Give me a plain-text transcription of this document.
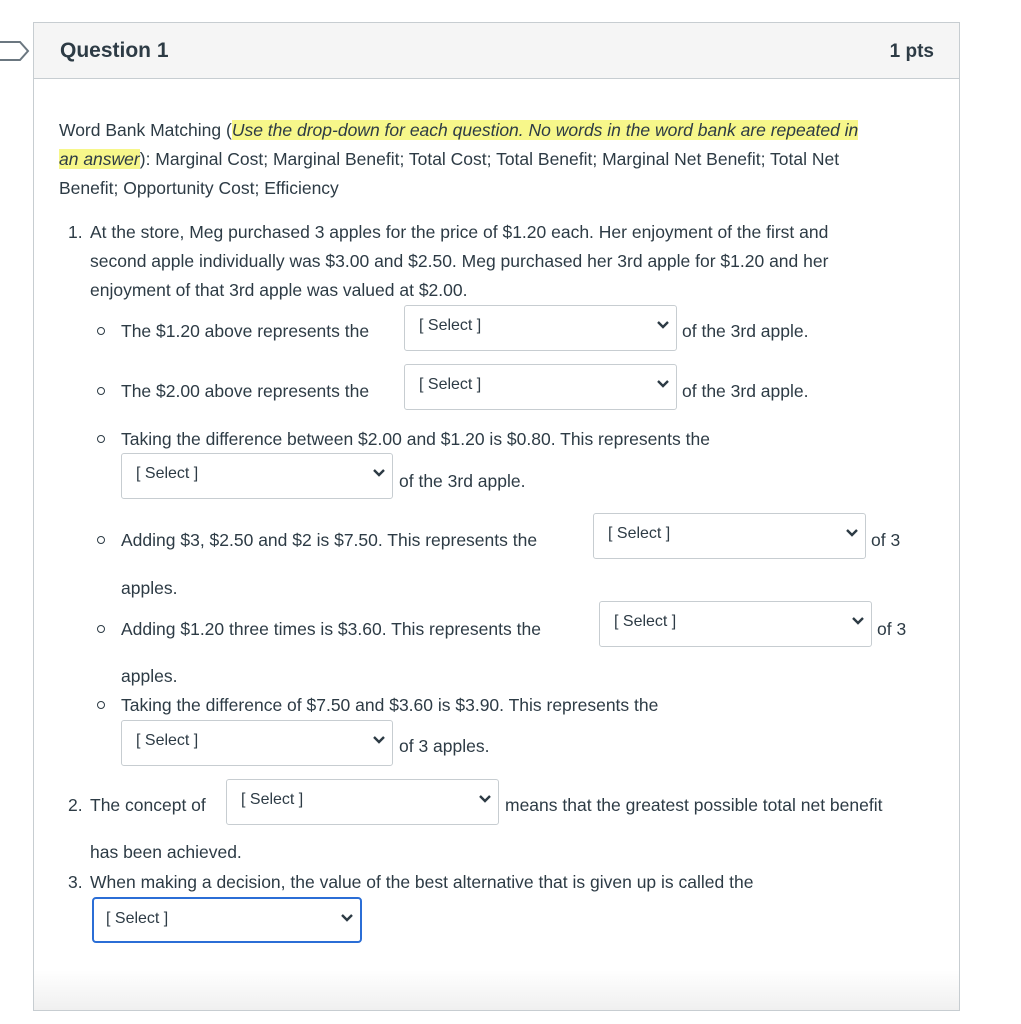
Question 1	1 pts
Word Bank Matching (Use the drop-down for each question. No words in the word bank are repeated in
an answer): Marginal Cost; Marginal Benefit; Total Cost; Total Benefit; Marginal Net Benefit; Total Net
Benefit; Opportunity Cost; Efficiency
1. At the store, Meg purchased 3 apples for the price of $1.20 each. Her enjoyment of the first and
second apple individually was $3.00 and $2.50. Meg purchased her 3rd apple for $1.20 and her
enjoyment of that 3rd apple was valued at $2.00.
The $1.20 above represents the	[ Select ]	of the 3rd apple.
The $2.00 above represents the	[ Select ]	of the 3rd apple.
Taking the difference between $2.00 and $1.20 is $0.80. This represents the
[ Select ]	of the 3rd apple.
Adding $3, $2.50 and $2 is $7.50. This represents the	[ Select ]	of 3
apples.
Adding $1.20 three times is $3.60. This represents the	[ Select ]	of 3
apples.
Taking the difference of $7.50 and $3.60 is $3.90. This represents the
[ Select ]	of 3 apples.
2. The concept of	[ Select ]	means that the greatest possible total net benefit
has been achieved.
3. When making a decision, the value of the best alternative that is given up is called the
[ Select ]
